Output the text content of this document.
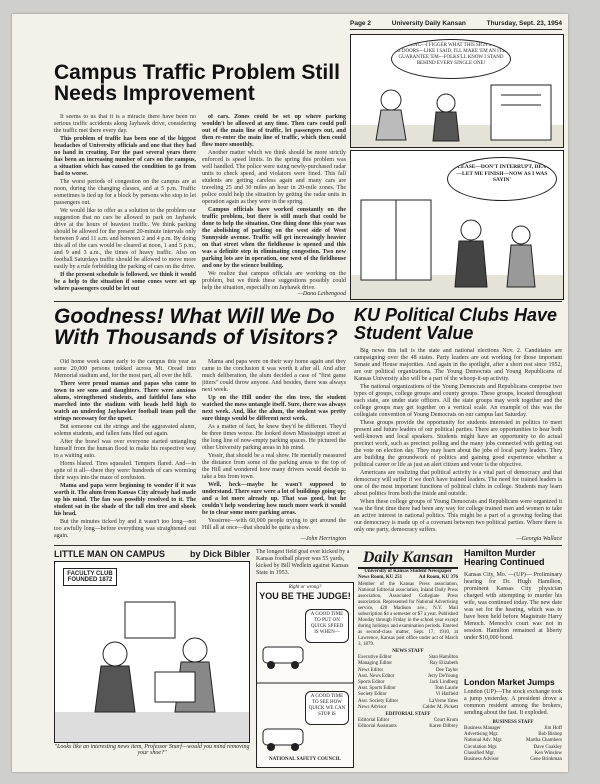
Page 2	University Daily Kansan	Thursday, Sept. 23, 1954
Campus Traffic Problem Still Needs Improvement

It seems to us that it is a miracle there have been no serious traffic accidents along Jayhawk drive, considering the traffic met there every day.

This problem of traffic has been one of the biggest headaches of University officials and one that they had no hand in creating. For the past several years there has been an increasing number of cars on the campus, a situation which has caused the condition to go from bad to worse.

The worst periods of congestion on the campus are at noon, during the changing classes, and at 5 p.m. Traffic sometimes is tied up for a block by persons who stop to let passengers out.

We would like to offer as a solution to the problem our suggestion that no cars be allowed to park on Jayhawk drive at the hours of heaviest traffic. We think parking should be allowed for the present 20-minute intervals only between 9 and 11 a.m. and between 2 and 4 p.m. By doing this all of the cars would be cleared at noon, 1 and 5 p.m., and 9 and 3 a.m., the times of heavy traffic. Also on football Saturdays traffic should be allowed to move more easily by a rule forbidding the parking of cars on the drive.

If the present schedule is followed, we think it would be a help to the situation if some cones were set up where passengers could be let out

of cars. Zones could be set up where parking wouldn't be allowed at any time. Then cars could pull out of the main line of traffic, let passengers out, and then re-enter the main line of traffic, which then could flow more smoothly.

Another matter which we think should be more strictly enforced is speed limits. In the spring this problem was well handled. The police were using newly-purchased radar units to check speed, and violators were fined. This fall students are getting careless again and many cars are traveling 25 and 30 miles an hour in 20-mile zones. The police could help the situation by getting the radar units in operation again as they were in the spring.

Campus officials have worked constantly on the traffic problem, but there is still much that could be done to help the situation. One thing done this year was the abolishing of parking on the west side of West Sunnyside avenue. Traffic will get increasingly heavier on that street when the fieldhouse is opened and this was a definite step in eliminating congestion. Two new parking lots are in operation, one west of the fieldhouse and one by the science building.

We realize that campus officials are working on the problem, but we think these suggestions possibly could help the situation, especially on Jayhawk drive.

—Dana Leibengood

HEY DEAC—I FIGGER WHAT THIS SIGN'S NEED IS DOORS—LIKE I SAID, I'LL MAKE 'EM AN I'LL GUARANTEE 'EM—FOLKS'LL KNOW I STAND BEHIND EVERY SINGLE ONE!
PLEASE—DON'T INTERRUPT, DEAC—LET ME FINISH—NOW AS I WAS SAYIN'
Goodness! What Will We Do With Thousands of Visitors?

Old home week came early to the campus this year as some 20,000 persons trekked across Mt. Oread into Memorial stadium and, for the most part, all over the hill.

There were proud mamas and papas who came to town to see sons and daughters. There were anxious alums, strengthened students, and faithful fans who marched into the stadium with heads held high to watch an underdog Jayhawker football team pull the strings necessary for the upset.

But someone cut the strings and the aggravated alums, solemn students, and fallen fans filed out again.

After the brawl was over everyone started untangling himself from the human flood to make his respective way to a waiting auto.

Horns blared. Tires squealed. Tempers flared. And—in spite of it all—there they were: hundreds of cars worming their ways into the maze of confusion.

Mama and papa were beginning to wonder if it was worth it. The alum from Kansas City already had made up his mind. The fan was possibly resolved to it. The student sat in the shade of the tall elm tree and shook his head.

But the minutes ticked by and it wasn't too long—not too awfully long—before everything was straightened out again.

Mama and papa were on their way home again and they came to the conclusion it was worth it after all. And after much deliberation, the alum decided a case of "first game jitters" could throw anyone. And besides, there was always next week.

Up on the Hill under the elm tree, the student watched the mess untangle itself. Sure, there was always next week. And, like the alum, the student was pretty sure things would be different next week.

As a matter of fact, he knew they'd be different. They'd be three times worse. He looked down Mississippi street at the long line of now-empty parking spaces. He pictured the other University parking areas in his mind.

Yessir, that should be a real show. He mentally measured the distance from some of the parking areas to the top of the Hill and wondered how many drivers would decide to take a bus from town.

Well, heck—maybe he wasn't supposed to understand. There sure were a lot of buildings going up; and a lot more already up. That was good, but he couldn't help wondering how much more work it would be to clear some more parking areas.

Yessirree—with 60,000 people trying to get around the Hill all at once—that should be quite a show.

—John Herrington

KU Political Clubs Have Student Value

Big news this fall is the state and national elections Nov. 2. Candidates are campaigning over the 48 states. Party leaders are out working for those important Senate and House majorities. And again in the spotlight, after a short rest since 1952, are our political organizations. The Young Democrats and Young Republicans of Kansas University also will be a part of the whoop-it-up activity.

The national organizations of the Young Democrats and Republicans comprise two types of groups, college groups and county groups. These groups, located throughout each state, are under state officers. All the state groups may work together and the college groups may get together on a vertical scale. An example of this was the collegiate convention of Young Democrats on our campus last Saturday.

These groups provide the opportunity for students interested in politics to meet present and future leaders of our political parties. There are opportunities to hear both well-known and local speakers. Students might have an opportunity to do actual precinct work, such as precinct polling and the many jobs connected with getting out the vote on election day. They may learn about the jobs of local party leaders. They are building the groundwork of politics and gaining good experience whether a political career or life as just an alert citizen and voter is the objective.

Americans are realizing that political activity is a vital part of democracy and that democracy will suffer if we don't have trained leaders. The need for trained leaders is one of the most important functions of political clubs in college. Students may learn about politics from both the inside and outside.

When these college groups of Young Democrats and Republicans were organized it was the first time there had been any way for college trained men and women to take an active interest in national politics. This might be a part of a growing feeling that our democracy is made up of a covenant between two political parties. Where there is only one party, democracy suffers.

—Georgia Wallace

LITTLE MAN ON CAMPUS	by Dick Bibler
FACULTY CLUB FOUNDED 1872

"Looks like an interesting news item, Professor Snarf—would you mind removing your shoe?"

The longest field goal ever kicked by a Kansas football player was 55 yards, kicked by Bill Wedlein against Kansas State in 1953.

Right or wrong?
YOU BE THE JUDGE!
A GOOD TIME TO PUT ON QUICK SPEED IS WHEN—
A GOOD TIME TO SEE HOW QUICK WE CAN STOP IS
NATIONAL SAFETY COUNCIL
Daily Kansan
University of Kansas Student Newspaper
News Room, KU 251	Ad Room, KU 376

Member of the Kansas Press association, National Editorial association, Inland Daily Press association, Associated Collegiate Press association. Represented for National Advertising service, 420 Madison ave., N.Y. Mail subscription $4 a semester or $7 a year. Published Monday through Friday in the school year except during holidays and examination periods. Entered as second-class matter, Sept. 17, 1910, at Lawrence, Kansas post office under act of March 3, 1879.

NEWS STAFF
Executive Editor	Stan Hamilton
Managing Editor	Ray Elizabeth
News Editor	Dee Taylor
Asst. News Editor	Jerry DeYoung
Sports Editor	Jack Lindberg
Asst. Sports Editor	Tom Laurie
Society Editor	Vi Hatfield
Asst. Society Editor	LaVerne Yates
News Advisor	Calder M. Pickett
EDITORIAL STAFF
Editorial Editor	Court Krum
Editorial Assistants	Karen Dilbrey
Hamilton Murder Hearing Continued

Kansas City, Mo. —(UP)— Preliminary hearing for Dr. Hugh Hamilton, prominent Kansas City physician charged with attempting to murder his wife, was continued today. The new date was set for the hearing, which was to have been held before Magistrate Harry Menoch. Menoch's court was not in session. Hamilton remained at liberty under $10,000 bond.

London Market Jumps

London (UP)—The stock exchange took a jump yesterday. A president drove a common resident among the brokers, sending about the fast. It exploded.

BUSINESS STAFF
Business Manager	Jim Hoff
Advertising Mgr.	Bob Bishop
National Adv. Mgr.	Martha Chambers
Circulation Mgr.	Dave Coakley
Classified Mgr.	Ken Winslow
Business Advisor	Gene Brinkman
